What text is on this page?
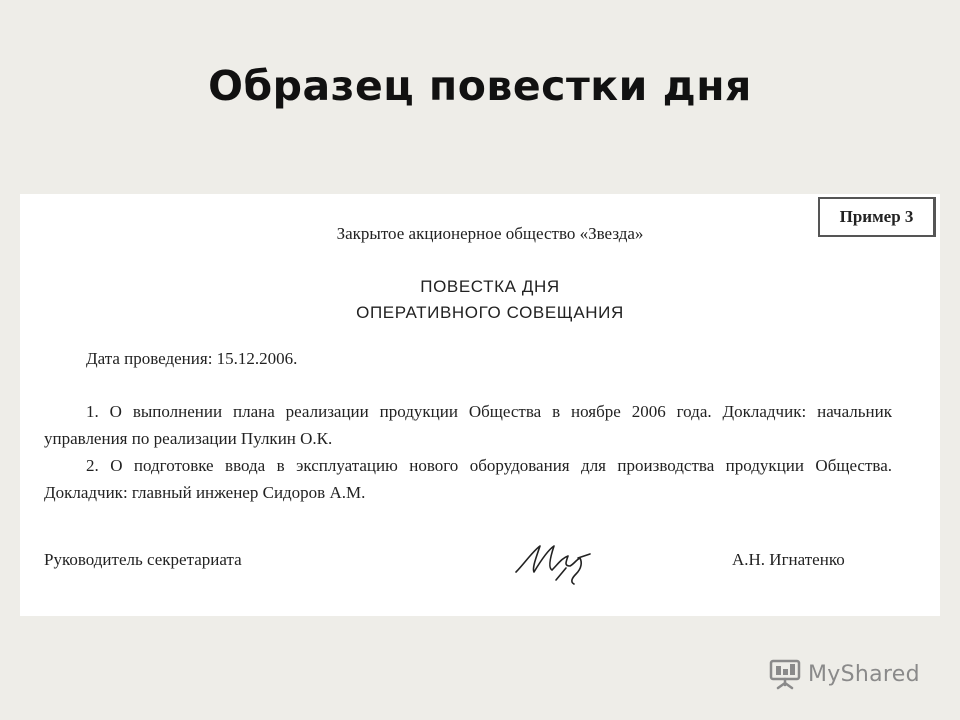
Образец повестки дня
Пример 3
Закрытое акционерное общество «Звезда»
ПОВЕСТКА ДНЯ
ОПЕРАТИВНОГО СОВЕЩАНИЯ
Дата проведения: 15.12.2006.

1. О выполнении плана реализации продукции Общества в ноябре 2006 года. Докладчик: начальник управления по реализации Пулкин О.К.

2. О подготовке ввода в эксплуатацию нового оборудования для производства продукции Общества. Докладчик: главный инженер Сидоров А.М.

Руководитель секретариата	А.Н. Игнатенко
MyShared
